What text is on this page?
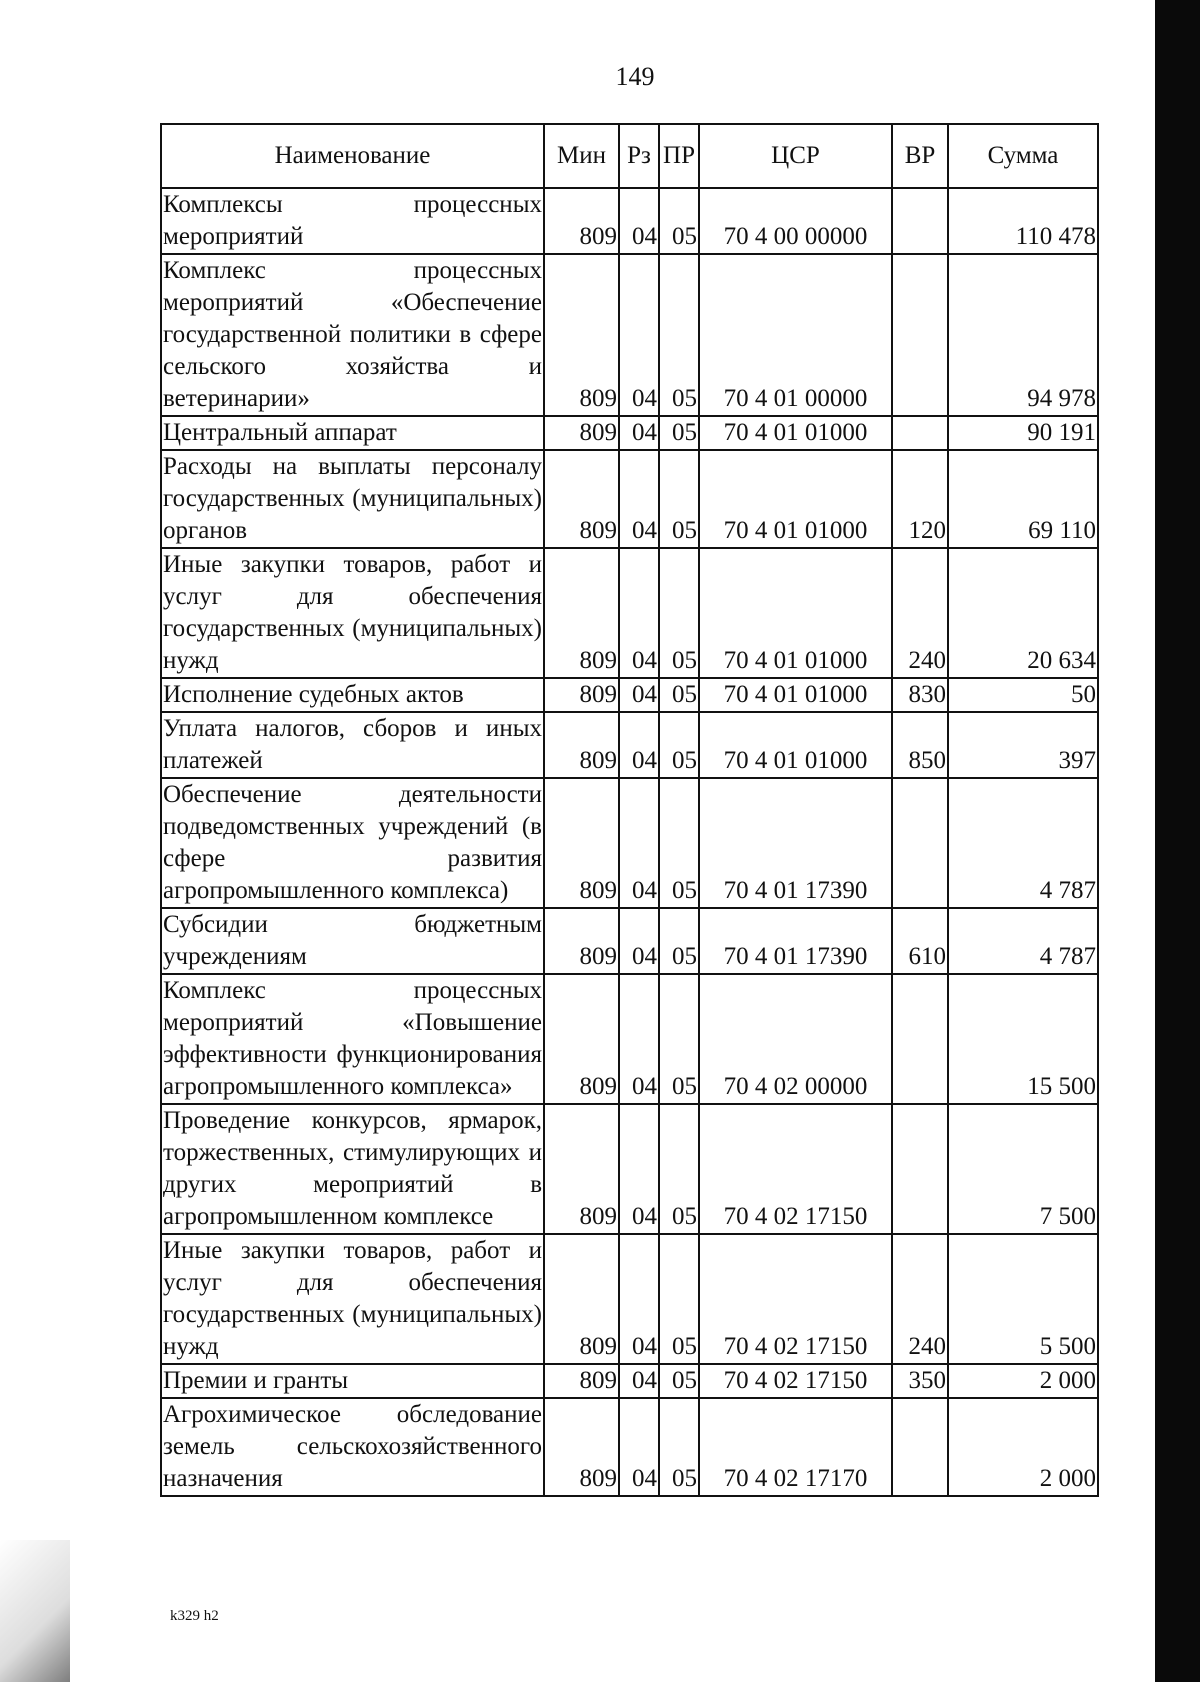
149
Наименование	Мин	Рз	ПР	ЦСР	ВР	Сумма
Комплексы процессных мероприятий	809	04	05	70 4 00 00000		110 478
Комплекс процессных мероприятий «Обеспечение государственной политики в сфере сельского хозяйства и ветеринарии»	809	04	05	70 4 01 00000		94 978
Центральный аппарат	809	04	05	70 4 01 01000		90 191
Расходы на выплаты персоналу государственных (муниципальных) органов	809	04	05	70 4 01 01000	120	69 110
Иные закупки товаров, работ и услуг для обеспечения государственных (муниципальных) нужд	809	04	05	70 4 01 01000	240	20 634
Исполнение судебных актов	809	04	05	70 4 01 01000	830	50
Уплата налогов, сборов и иных платежей	809	04	05	70 4 01 01000	850	397
Обеспечение деятельности подведомственных учреждений (в сфере развития агропромышленного комплекса)	809	04	05	70 4 01 17390		4 787
Субсидии бюджетным учреждениям	809	04	05	70 4 01 17390	610	4 787
Комплекс процессных мероприятий «Повышение эффективности функционирования агропромышленного комплекса»	809	04	05	70 4 02 00000		15 500
Проведение конкурсов, ярмарок, торжественных, стимулирующих и других мероприятий в агропромышленном комплексе	809	04	05	70 4 02 17150		7 500
Иные закупки товаров, работ и услуг для обеспечения государственных (муниципальных) нужд	809	04	05	70 4 02 17150	240	5 500
Премии и гранты	809	04	05	70 4 02 17150	350	2 000
Агрохимическое обследование земель сельскохозяйственного назначения	809	04	05	70 4 02 17170		2 000
k329 h2
